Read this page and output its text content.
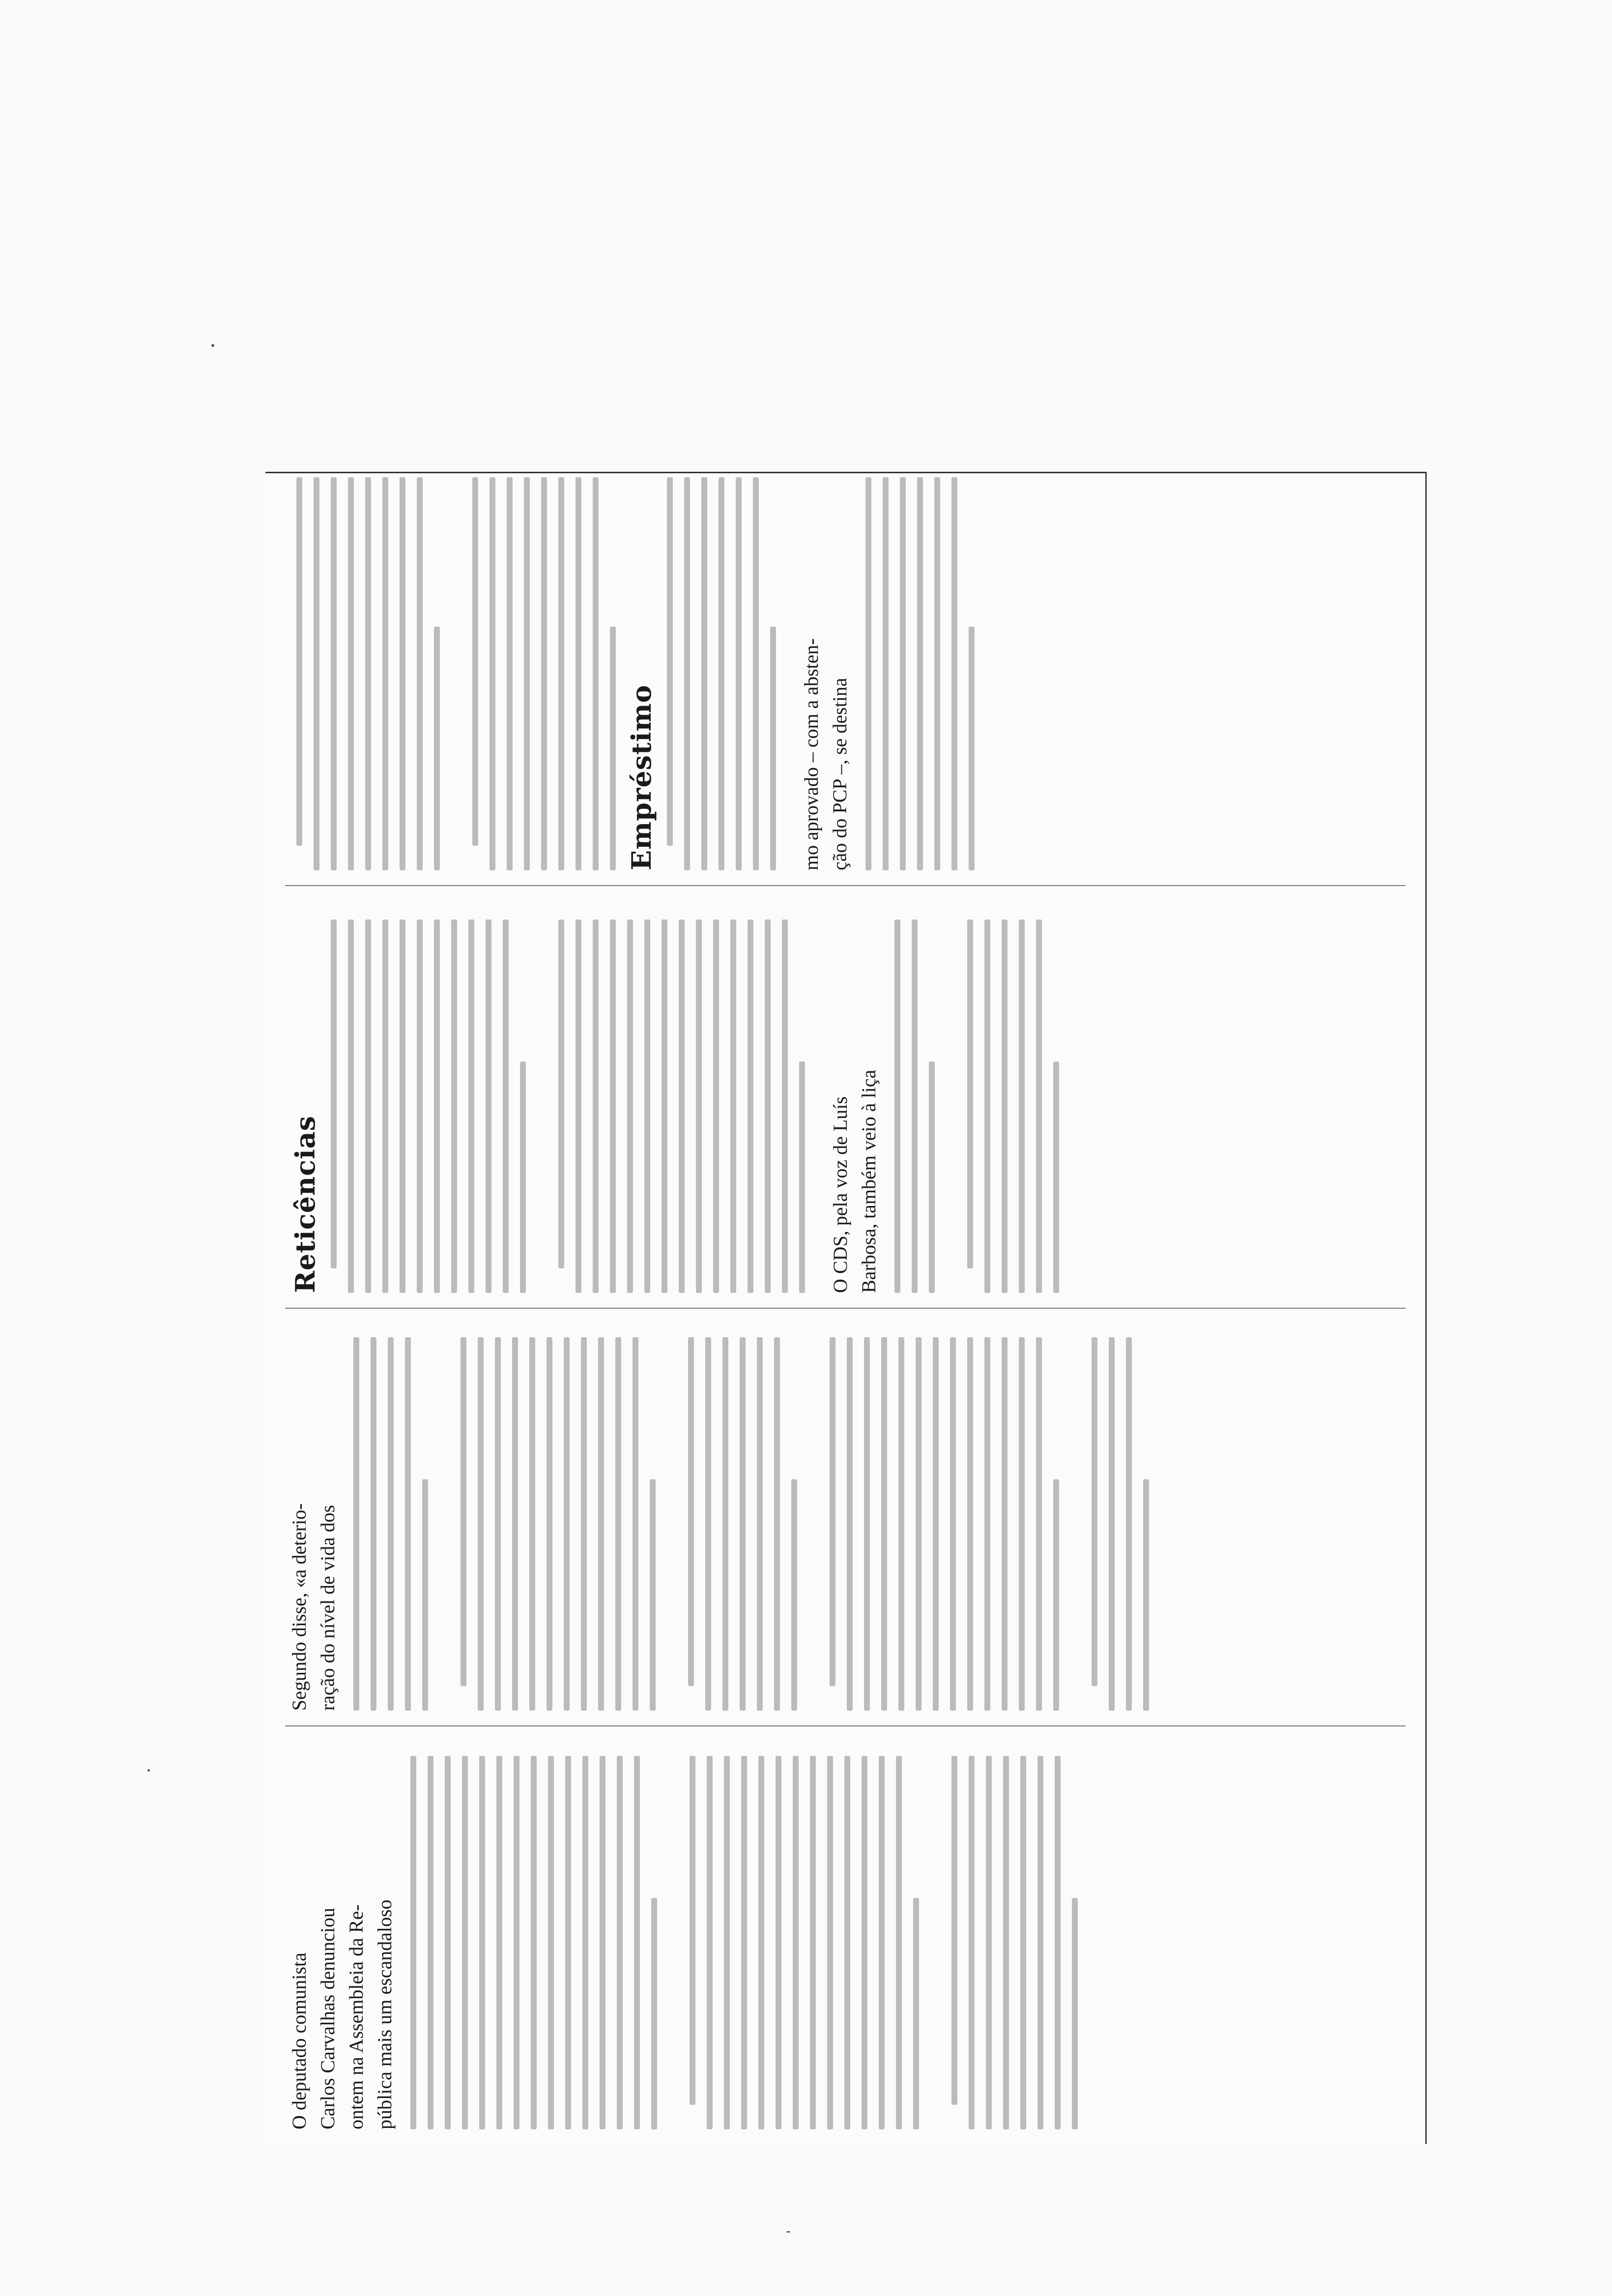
O deputado comunista Carlos Carvalhas denunciou ontem na Assembleia da Re- pública mais um escandaloso
Segundo disse, «a deterio- ração do nível de vida dos
Reticências	O CDS, pela voz de Luís Barbosa, também veio à liça
Empréstimo	mo aprovado – com a absten- ção do PCP –, se destina
